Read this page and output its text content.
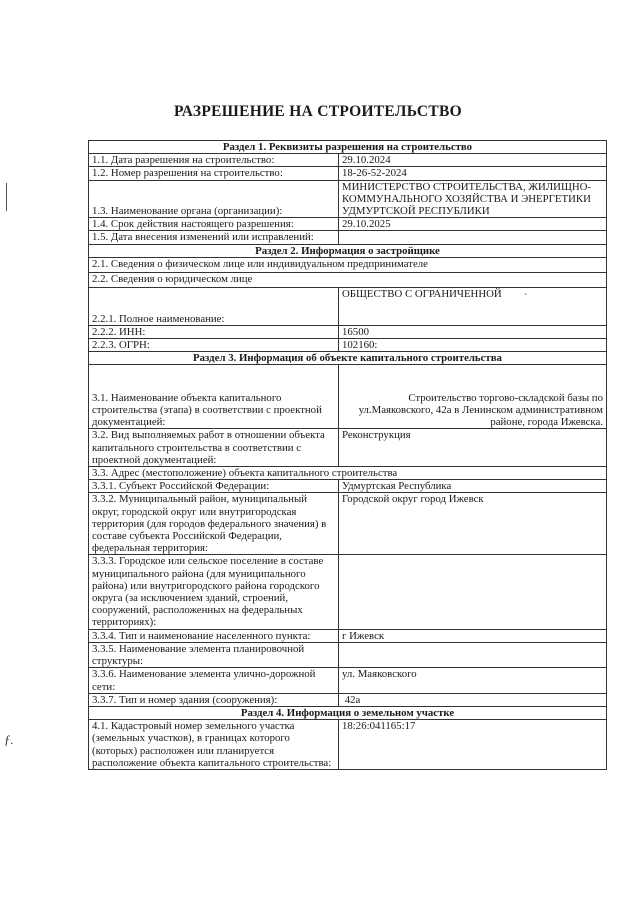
ƒ.
˘
РАЗРЕШЕНИЕ НА СТРОИТЕЛЬСТВО
Раздел 1. Реквизиты разрешения на строительство	
1.1. Дата разрешения на строительство:	29.10.2024
1.2. Номер разрешения на строительство:	18-26-52-2024
1.3. Наименование органа (организации):	МИНИСТЕРСТВО СТРОИТЕЛЬСТВА, ЖИЛИЩНО-КОММУНАЛЬНОГО ХОЗЯЙСТВА И ЭНЕРГЕТИКИ УДМУРТСКОЙ РЕСПУБЛИКИ
1.4. Срок действия настоящего разрешения:	29.10.2025
1.5. Дата внесения изменений или исправлений:	
Раздел 2. Информация о застройщике	
2.1. Сведения о физическом лице или индивидуальном предпринимателе	
2.2. Сведения о юридическом лице	
2.2.1. Полное наименование:	ОБЩЕСТВО С ОГРАНИЧЕННОЙ
2.2.2. ИНН:	16500
2.2.3. ОГРН:	102160:
Раздел 3. Информация об объекте капитального строительства	
3.1. Наименование объекта капитального строительства (этапа) в соответствии с проектной документацией:	Строительство торгово-складской базы по ул.Маяковского, 42а в Ленинском административном районе, города Ижевска.
3.2. Вид выполняемых работ в отношении объекта капитального строительства в соответствии с проектной документацией:	Реконструкция
3.3. Адрес (местоположение) объекта капитального строительства	
3.3.1. Субъект Российской Федерации:	Удмуртская Республика
3.3.2. Муниципальный район, муниципальный округ, городской округ или внутригородская территория (для городов федерального значения) в составе субъекта Российской Федерации, федеральная территория:	Городской округ город Ижевск
3.3.3. Городское или сельское поселение в составе муниципального района (для муниципального района) или внутригородского района городского округа (за исключением зданий, строений, сооружений, расположенных на федеральных территориях):	
3.3.4. Тип и наименование населенного пункта:	г Ижевск
3.3.5. Наименование элемента планировочной структуры:	
3.3.6. Наименование элемента улично-дорожной сети:	ул. Маяковского
3.3.7. Тип и номер здания (сооружения):	42а
Раздел 4. Информация о земельном участке	
4.1. Кадастровый номер земельного участка (земельных участков), в границах которого (которых) расположен или планируется расположение объекта капитального строительства:	18:26:041165:17
